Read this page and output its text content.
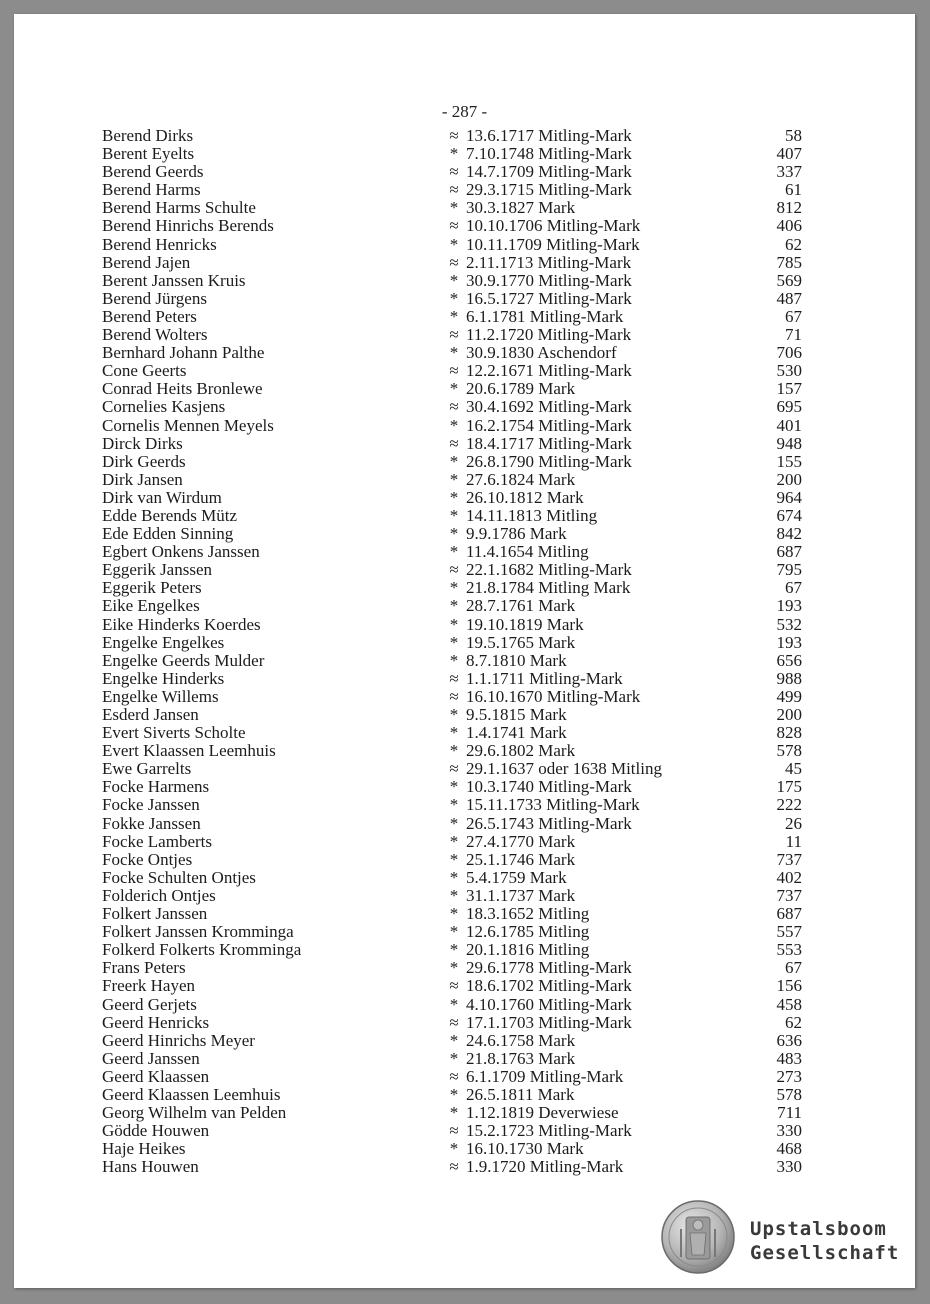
- 287 -
Berend Dirks	≈ 13.6.1717 Mitling-Mark	58
Berent Eyelts	* 7.10.1748 Mitling-Mark	407
Berend Geerds	≈ 14.7.1709 Mitling-Mark	337
Berend Harms	≈ 29.3.1715 Mitling-Mark	61
Berend Harms Schulte	* 30.3.1827 Mark	812
Berend Hinrichs Berends	≈ 10.10.1706 Mitling-Mark	406
Berend Henricks	* 10.11.1709 Mitling-Mark	62
Berend Jajen	≈ 2.11.1713 Mitling-Mark	785
Berent Janssen Kruis	* 30.9.1770 Mitling-Mark	569
Berend Jürgens	* 16.5.1727 Mitling-Mark	487
Berend Peters	* 6.1.1781 Mitling-Mark	67
Berend Wolters	≈ 11.2.1720 Mitling-Mark	71
Bernhard Johann Palthe	* 30.9.1830 Aschendorf	706
Cone Geerts	≈ 12.2.1671 Mitling-Mark	530
Conrad Heits Bronlewe	* 20.6.1789 Mark	157
Cornelies Kasjens	≈ 30.4.1692 Mitling-Mark	695
Cornelis Mennen Meyels	* 16.2.1754 Mitling-Mark	401
Dirck Dirks	≈ 18.4.1717 Mitling-Mark	948
Dirk Geerds	* 26.8.1790 Mitling-Mark	155
Dirk Jansen	* 27.6.1824 Mark	200
Dirk van Wirdum	* 26.10.1812 Mark	964
Edde Berends Mütz	* 14.11.1813 Mitling	674
Ede Edden Sinning	* 9.9.1786 Mark	842
Egbert Onkens Janssen	* 11.4.1654 Mitling	687
Eggerik Janssen	≈ 22.1.1682 Mitling-Mark	795
Eggerik Peters	* 21.8.1784 Mitling Mark	67
Eike Engelkes	* 28.7.1761 Mark	193
Eike Hinderks Koerdes	* 19.10.1819 Mark	532
Engelke Engelkes	* 19.5.1765 Mark	193
Engelke Geerds Mulder	* 8.7.1810 Mark	656
Engelke Hinderks	≈ 1.1.1711 Mitling-Mark	988
Engelke Willems	≈ 16.10.1670 Mitling-Mark	499
Esderd Jansen	* 9.5.1815 Mark	200
Evert Siverts Scholte	* 1.4.1741 Mark	828
Evert Klaassen Leemhuis	* 29.6.1802 Mark	578
Ewe Garrelts	≈ 29.1.1637 oder 1638 Mitling	45
Focke Harmens	* 10.3.1740 Mitling-Mark	175
Focke Janssen	* 15.11.1733 Mitling-Mark	222
Fokke Janssen	* 26.5.1743 Mitling-Mark	26
Focke Lamberts	* 27.4.1770 Mark	11
Focke Ontjes	* 25.1.1746 Mark	737
Focke Schulten Ontjes	* 5.4.1759 Mark	402
Folderich Ontjes	* 31.1.1737 Mark	737
Folkert Janssen	* 18.3.1652 Mitling	687
Folkert Janssen Kromminga	* 12.6.1785 Mitling	557
Folkerd Folkerts Kromminga	* 20.1.1816 Mitling	553
Frans Peters	* 29.6.1778 Mitling-Mark	67
Freerk Hayen	≈ 18.6.1702 Mitling-Mark	156
Geerd Gerjets	* 4.10.1760 Mitling-Mark	458
Geerd Henricks	≈ 17.1.1703 Mitling-Mark	62
Geerd Hinrichs Meyer	* 24.6.1758 Mark	636
Geerd Janssen	* 21.8.1763 Mark	483
Geerd Klaassen	≈ 6.1.1709 Mitling-Mark	273
Geerd Klaassen Leemhuis	* 26.5.1811 Mark	578
Georg Wilhelm van Pelden	* 1.12.1819 Deverwiese	711
Gödde Houwen	≈ 15.2.1723 Mitling-Mark	330
Haje Heikes	* 16.10.1730 Mark	468
Hans Houwen	≈ 1.9.1720 Mitling-Mark	330
Upstalsboom
Gesellschaft
